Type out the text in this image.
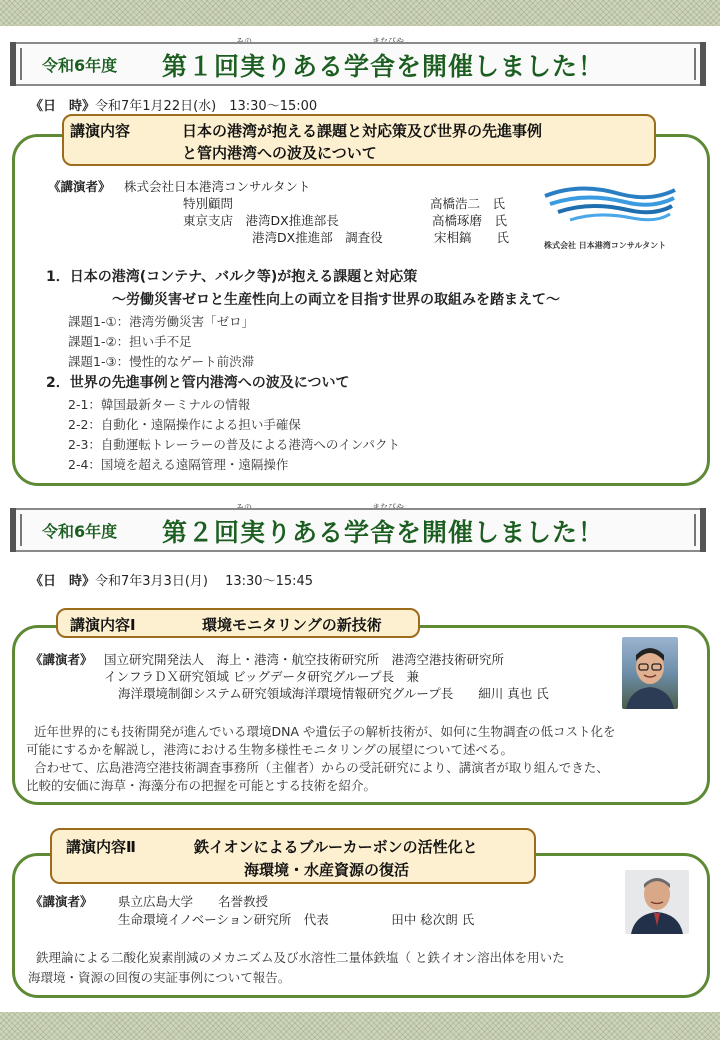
令和6年度 第１回実りある学舎を開催しました！
《日　時》令和7年1月22日(水)　13:30～15:00
講演内容	日本の港湾が抱える課題と対応策及び世界の先進事例
と管内港湾への波及について
《講演者》 株式会社日本港湾コンサルタント
特別顧問	高橋浩二　氏
東京支店　港湾DX推進部長	高橋琢磨　氏
港湾DX推進部　調査役	宋相鎬　　氏
株式会社 日本港湾コンサルタント
1．日本の港湾(コンテナ、バルク等)が抱える課題と対応策
～労働災害ゼロと生産性向上の両立を目指す世界の取組みを踏まえて～
課題1-①：港湾労働災害「ゼロ」
課題1-②：担い手不足
課題1-③：慢性的なゲート前渋滞
2．世界の先進事例と管内港湾への波及について
2-1：韓国最新ターミナルの情報
2-2：自動化・遠隔操作による担い手確保
2-3：自動運転トレーラーの普及による港湾へのインパクト
2-4：国境を超える遠隔管理・遠隔操作
令和6年度 第２回実りある学舎を開催しました！
《日　時》令和7年3月3日(月)　 13:30～15:45
講演内容Ⅰ	環境モニタリングの新技術
《講演者》 国立研究開発法人　海上・港湾・航空技術研究所　港湾空港技術研究所
インフラＤＸ研究領域 ビッグデータ研究グループ長　兼
海洋環境制御システム研究領域海洋環境情報研究グループ長　　細川 真也 氏
近年世界的にも技術開発が進んでいる環境DNA や遺伝子の解析技術が、如何に生物調査の低コスト化を
可能にするかを解説し，港湾における生物多様性モニタリングの展望について述べる。
合わせて、広島港湾空港技術調査事務所（主催者）からの受託研究により、講演者が取り組んできた、
比較的安価に海草・海藻分布の把握を可能とする技術を紹介。
講演内容Ⅱ	鉄イオンによるブルーカーボンの活性化と
海環境・水産資源の復活
《講演者》 県立広島大学　　名誉教授
生命環境イノベーション研究所　代表　　　　　田中 稔次朗 氏
鉄理論による二酸化炭素削減のメカニズム及び水溶性二量体鉄塩（ と鉄イオン溶出体を用いた
海環境・資源の回復の実証事例について報告。
